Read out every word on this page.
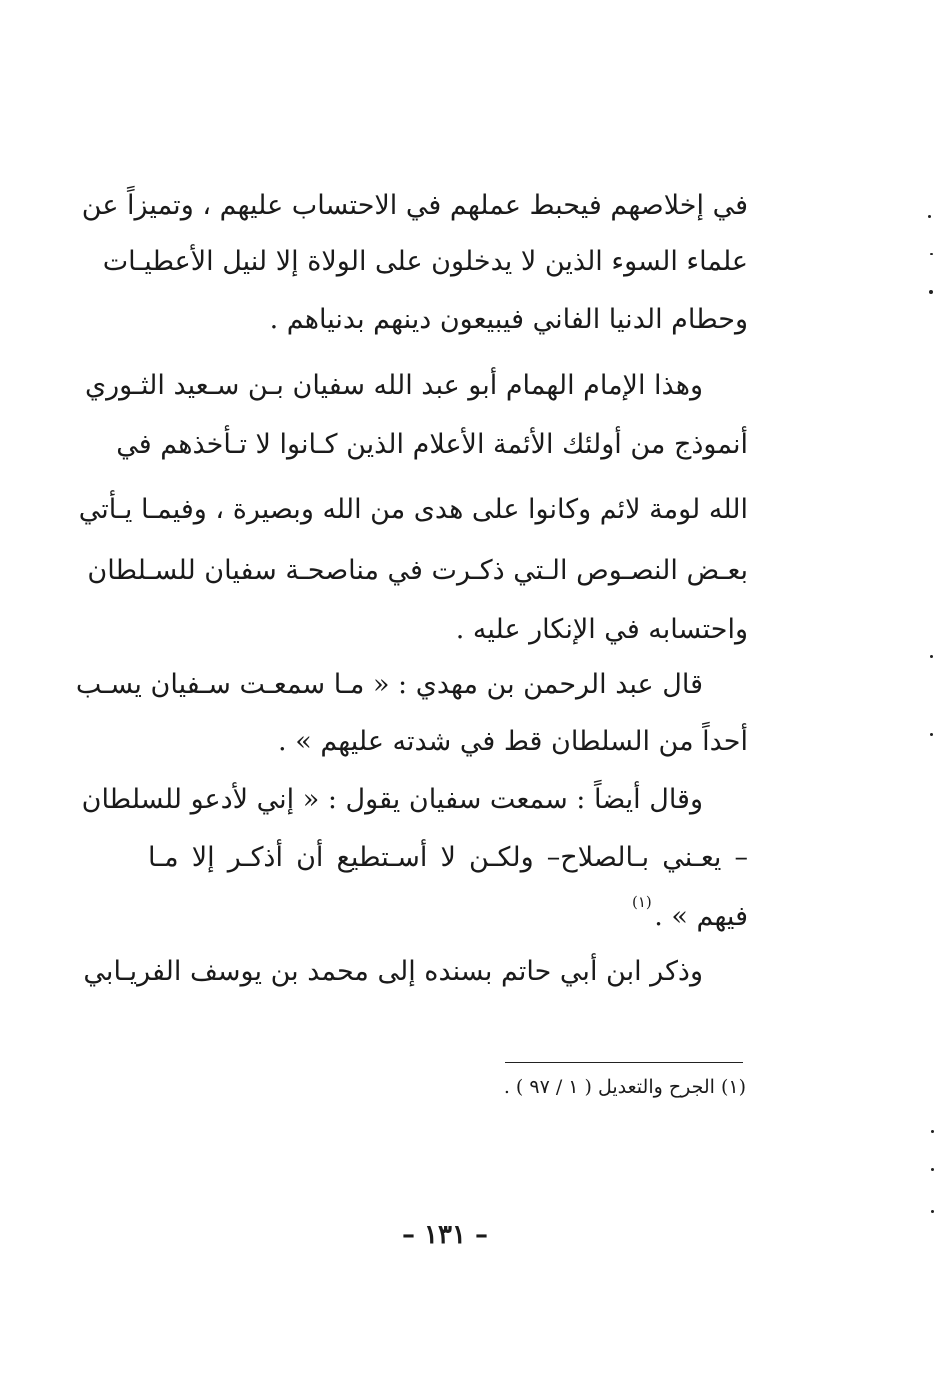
في إخلاصهم فيحبط عملهم في الاحتساب عليهم ، وتميزاً عن
علماء السوء الذين لا يدخلون على الولاة إلا لنيل الأعطيـات
وحطام الدنيا الفاني فيبيعون دينهم بدنياهم .
وهذا الإمام الهمام أبو عبد الله سفيان بـن سـعيد الثـوري
أنموذج من أولئك الأئمة الأعلام الذين كـانوا لا تـأخذهم في
الله لومة لائم وكانوا على هدى من الله وبصيرة ، وفيمـا يـأتي
بعـض النصـوص الـتي ذكـرت في مناصحـة سفيان للسـلطان
واحتسابه في الإنكار عليه .
قال عبد الرحمن بن مهدي : « مـا سمعـت سـفيان يسـب
أحداً من السلطان قط في شدته عليهم » .
وقال أيضاً : سمعت سفيان يقول : « إني لأدعو للسلطان
– يعـني بـالصلاح– ولكـن لا أسـتطيع أن أذكـر إلا مـا
فيهم » .
(١)
وذكر ابن أبي حاتم بسنده إلى محمد بن يوسف الفريـابي
(١) الجرح والتعديل ( ١ / ٩٧ ) .
– ١٣١ –
